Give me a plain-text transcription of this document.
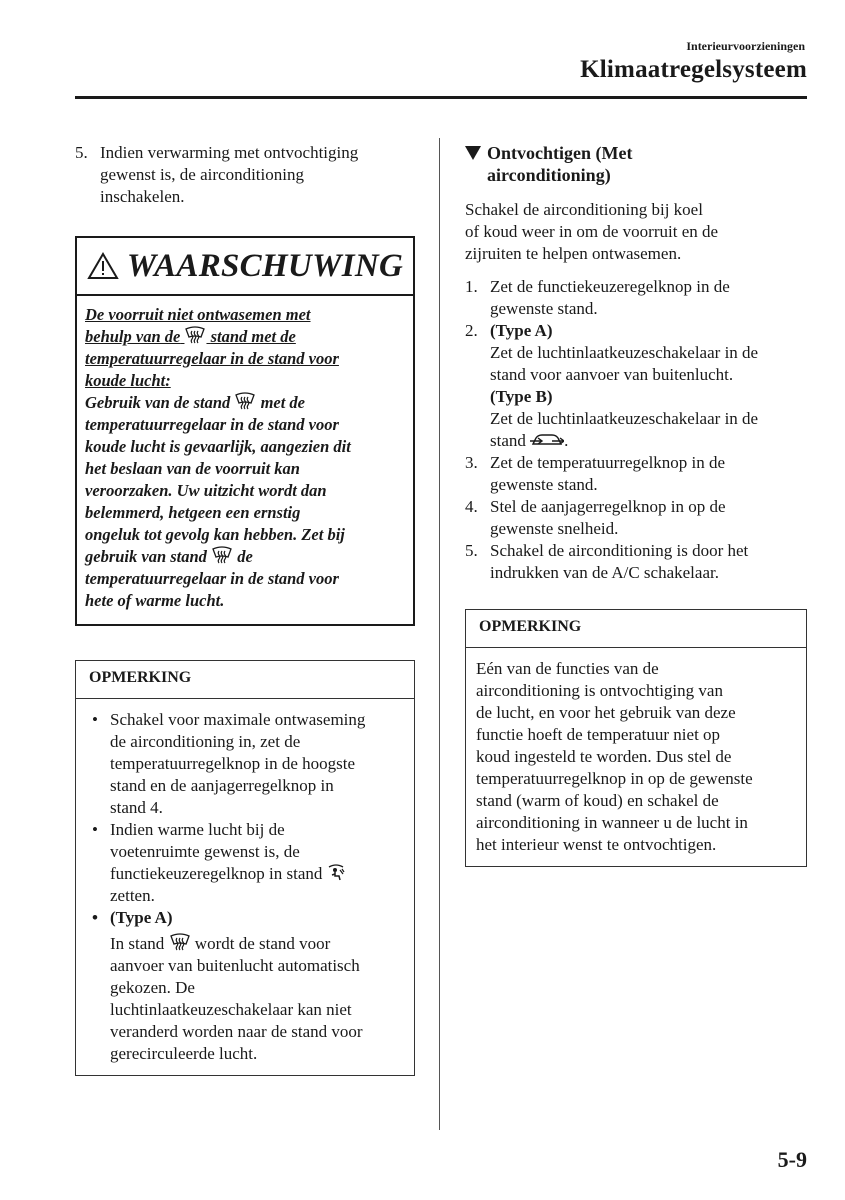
Interieurvoorzieningen
Klimaatregelsysteem
5. Indien verwarming met ontvochtiging
gewenst is, de airconditioning
inschakelen.
WAARSCHUWING
De voorruit niet ontwasemen met
behulp van de stand met de
temperatuurregelaar in de stand voor
koude lucht:
Gebruik van de stand met de
temperatuurregelaar in de stand voor
koude lucht is gevaarlijk, aangezien dit
het beslaan van de voorruit kan
veroorzaken. Uw uitzicht wordt dan
belemmerd, hetgeen een ernstig
ongeluk tot gevolg kan hebben. Zet bij
gebruik van stand de
temperatuurregelaar in de stand voor
hete of warme lucht.
OPMERKING
• Schakel voor maximale ontwaseming
de airconditioning in, zet de
temperatuurregelknop in de hoogste
stand en de aanjagerregelknop in
stand 4.
• Indien warme lucht bij de
voetenruimte gewenst is, de
functiekeuzeregelknop in stand
zetten.
• (Type A)
In stand wordt de stand voor
aanvoer van buitenlucht automatisch
gekozen. De
luchtinlaatkeuzeschakelaar kan niet
veranderd worden naar de stand voor
gerecirculeerde lucht.
Ontvochtigen (Met
airconditioning)
Schakel de airconditioning bij koel
of koud weer in om de voorruit en de
zijruiten te helpen ontwasemen.
1. Zet de functiekeuzeregelknop in de
gewenste stand.
2. (Type A)
Zet de luchtinlaatkeuzeschakelaar in de
stand voor aanvoer van buitenlucht.
(Type B)
Zet de luchtinlaatkeuzeschakelaar in de
stand .
3. Zet de temperatuurregelknop in de
gewenste stand.
4. Stel de aanjagerregelknop in op de
gewenste snelheid.
5. Schakel de airconditioning is door het
indrukken van de A/C schakelaar.
OPMERKING
Eén van de functies van de
airconditioning is ontvochtiging van
de lucht, en voor het gebruik van deze
functie hoeft de temperatuur niet op
koud ingesteld te worden. Dus stel de
temperatuurregelknop in op de gewenste
stand (warm of koud) en schakel de
airconditioning in wanneer u de lucht in
het interieur wenst te ontvochtigen.
5-9
